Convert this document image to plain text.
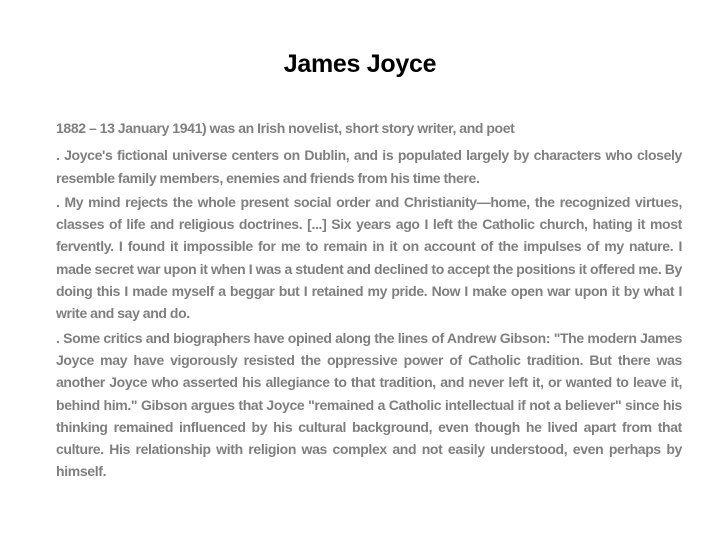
James Joyce

1882 – 13 January 1941) was an Irish novelist, short story writer, and poet

. Joyce's fictional universe centers on Dublin, and is populated largely by characters who closely resemble family members, enemies and friends from his time there.

. My mind rejects the whole present social order and Christianity—home, the recognized virtues, classes of life and religious doctrines. [...] Six years ago I left the Catholic church, hating it most fervently. I found it impossible for me to remain in it on account of the impulses of my nature. I made secret war upon it when I was a student and declined to accept the positions it offered me. By doing this I made myself a beggar but I retained my pride. Now I make open war upon it by what I write and say and do.

. Some critics and biographers have opined along the lines of Andrew Gibson: "The modern James Joyce may have vigorously resisted the oppressive power of Catholic tradition. But there was another Joyce who asserted his allegiance to that tradition, and never left it, or wanted to leave it, behind him." Gibson argues that Joyce "remained a Catholic intellectual if not a believer" since his thinking remained influenced by his cultural background, even though he lived apart from that culture. His relationship with religion was complex and not easily understood, even perhaps by himself.
